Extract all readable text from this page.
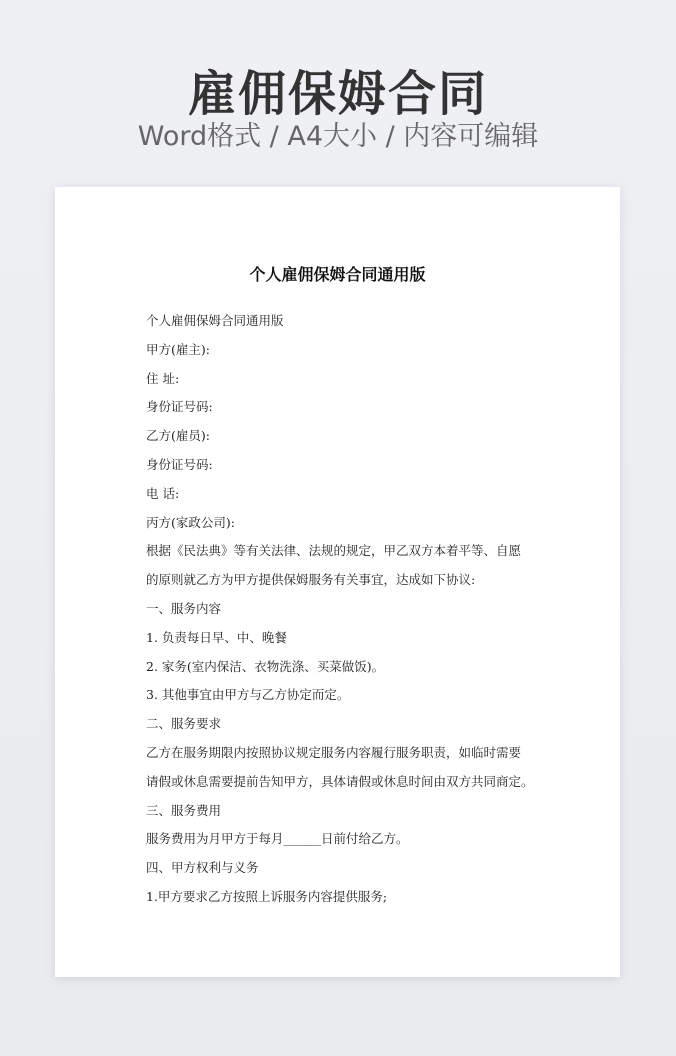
雇佣保姆合同
Word格式 / A4大小 / 内容可编辑
个人雇佣保姆合同通用版
个人雇佣保姆合同通用版
甲方(雇主):
住 址:
身份证号码:
乙方(雇员):
身份证号码:
电 话:
丙方(家政公司):
根据《民法典》等有关法律、法规的规定，甲乙双方本着平等、自愿
的原则就乙方为甲方提供保姆服务有关事宜，达成如下协议:
一、服务内容
1. 负责每日早、中、晚餐
2. 家务(室内保洁、衣物洗涤、买菜做饭)。
3. 其他事宜由甲方与乙方协定而定。
二、服务要求
乙方在服务期限内按照协议规定服务内容履行服务职责，如临时需要
请假或休息需要提前告知甲方，具体请假或休息时间由双方共同商定。
三、服务费用
服务费用为月甲方于每月______日前付给乙方。
四、甲方权利与义务
1.甲方要求乙方按照上诉服务内容提供服务;
